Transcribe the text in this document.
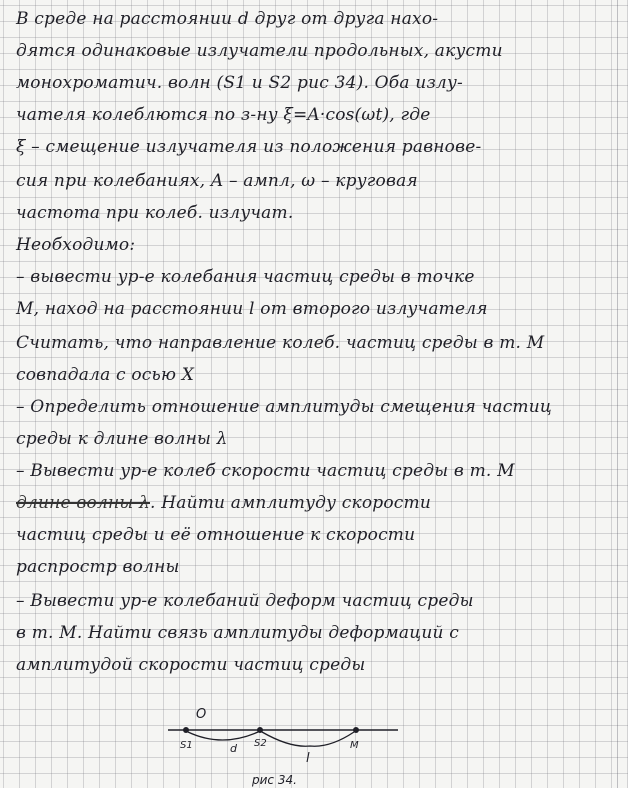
В среде на расстоянии d друг от друга нахо-
дятся одинаковые излучатели продольных, акусти
монохроматич. волн (S1 и S2 рис 34). Оба излу-
чателя колеблются по з-ну ξ=A·cos(ωt), где
ξ – смещение излучателя из положения равнове-
сия при колебаниях, A – ампл, ω – круговая
частота при колеб. излучат.
Необходимо:
– вывести ур-е колебания частиц среды в точке
М, наход на расстоянии l от второго излучателя
Считать, что направление колеб. частиц среды в т. М
совпадала с осью X
– Определить отношение амплитуды смещения частиц
среды к длине волны λ
– Вывести ур-е колеб скорости частиц среды в т. М
длине волны λ. Найти амплитуду скорости
частиц среды и её отношение к скорости
распростр волны
– Вывести ур-е колебаний деформ частиц среды
в т. М. Найти связь амплитуды деформаций с
амплитудой скорости частиц среды
O
S1	d S2
l
M
рис 34.
